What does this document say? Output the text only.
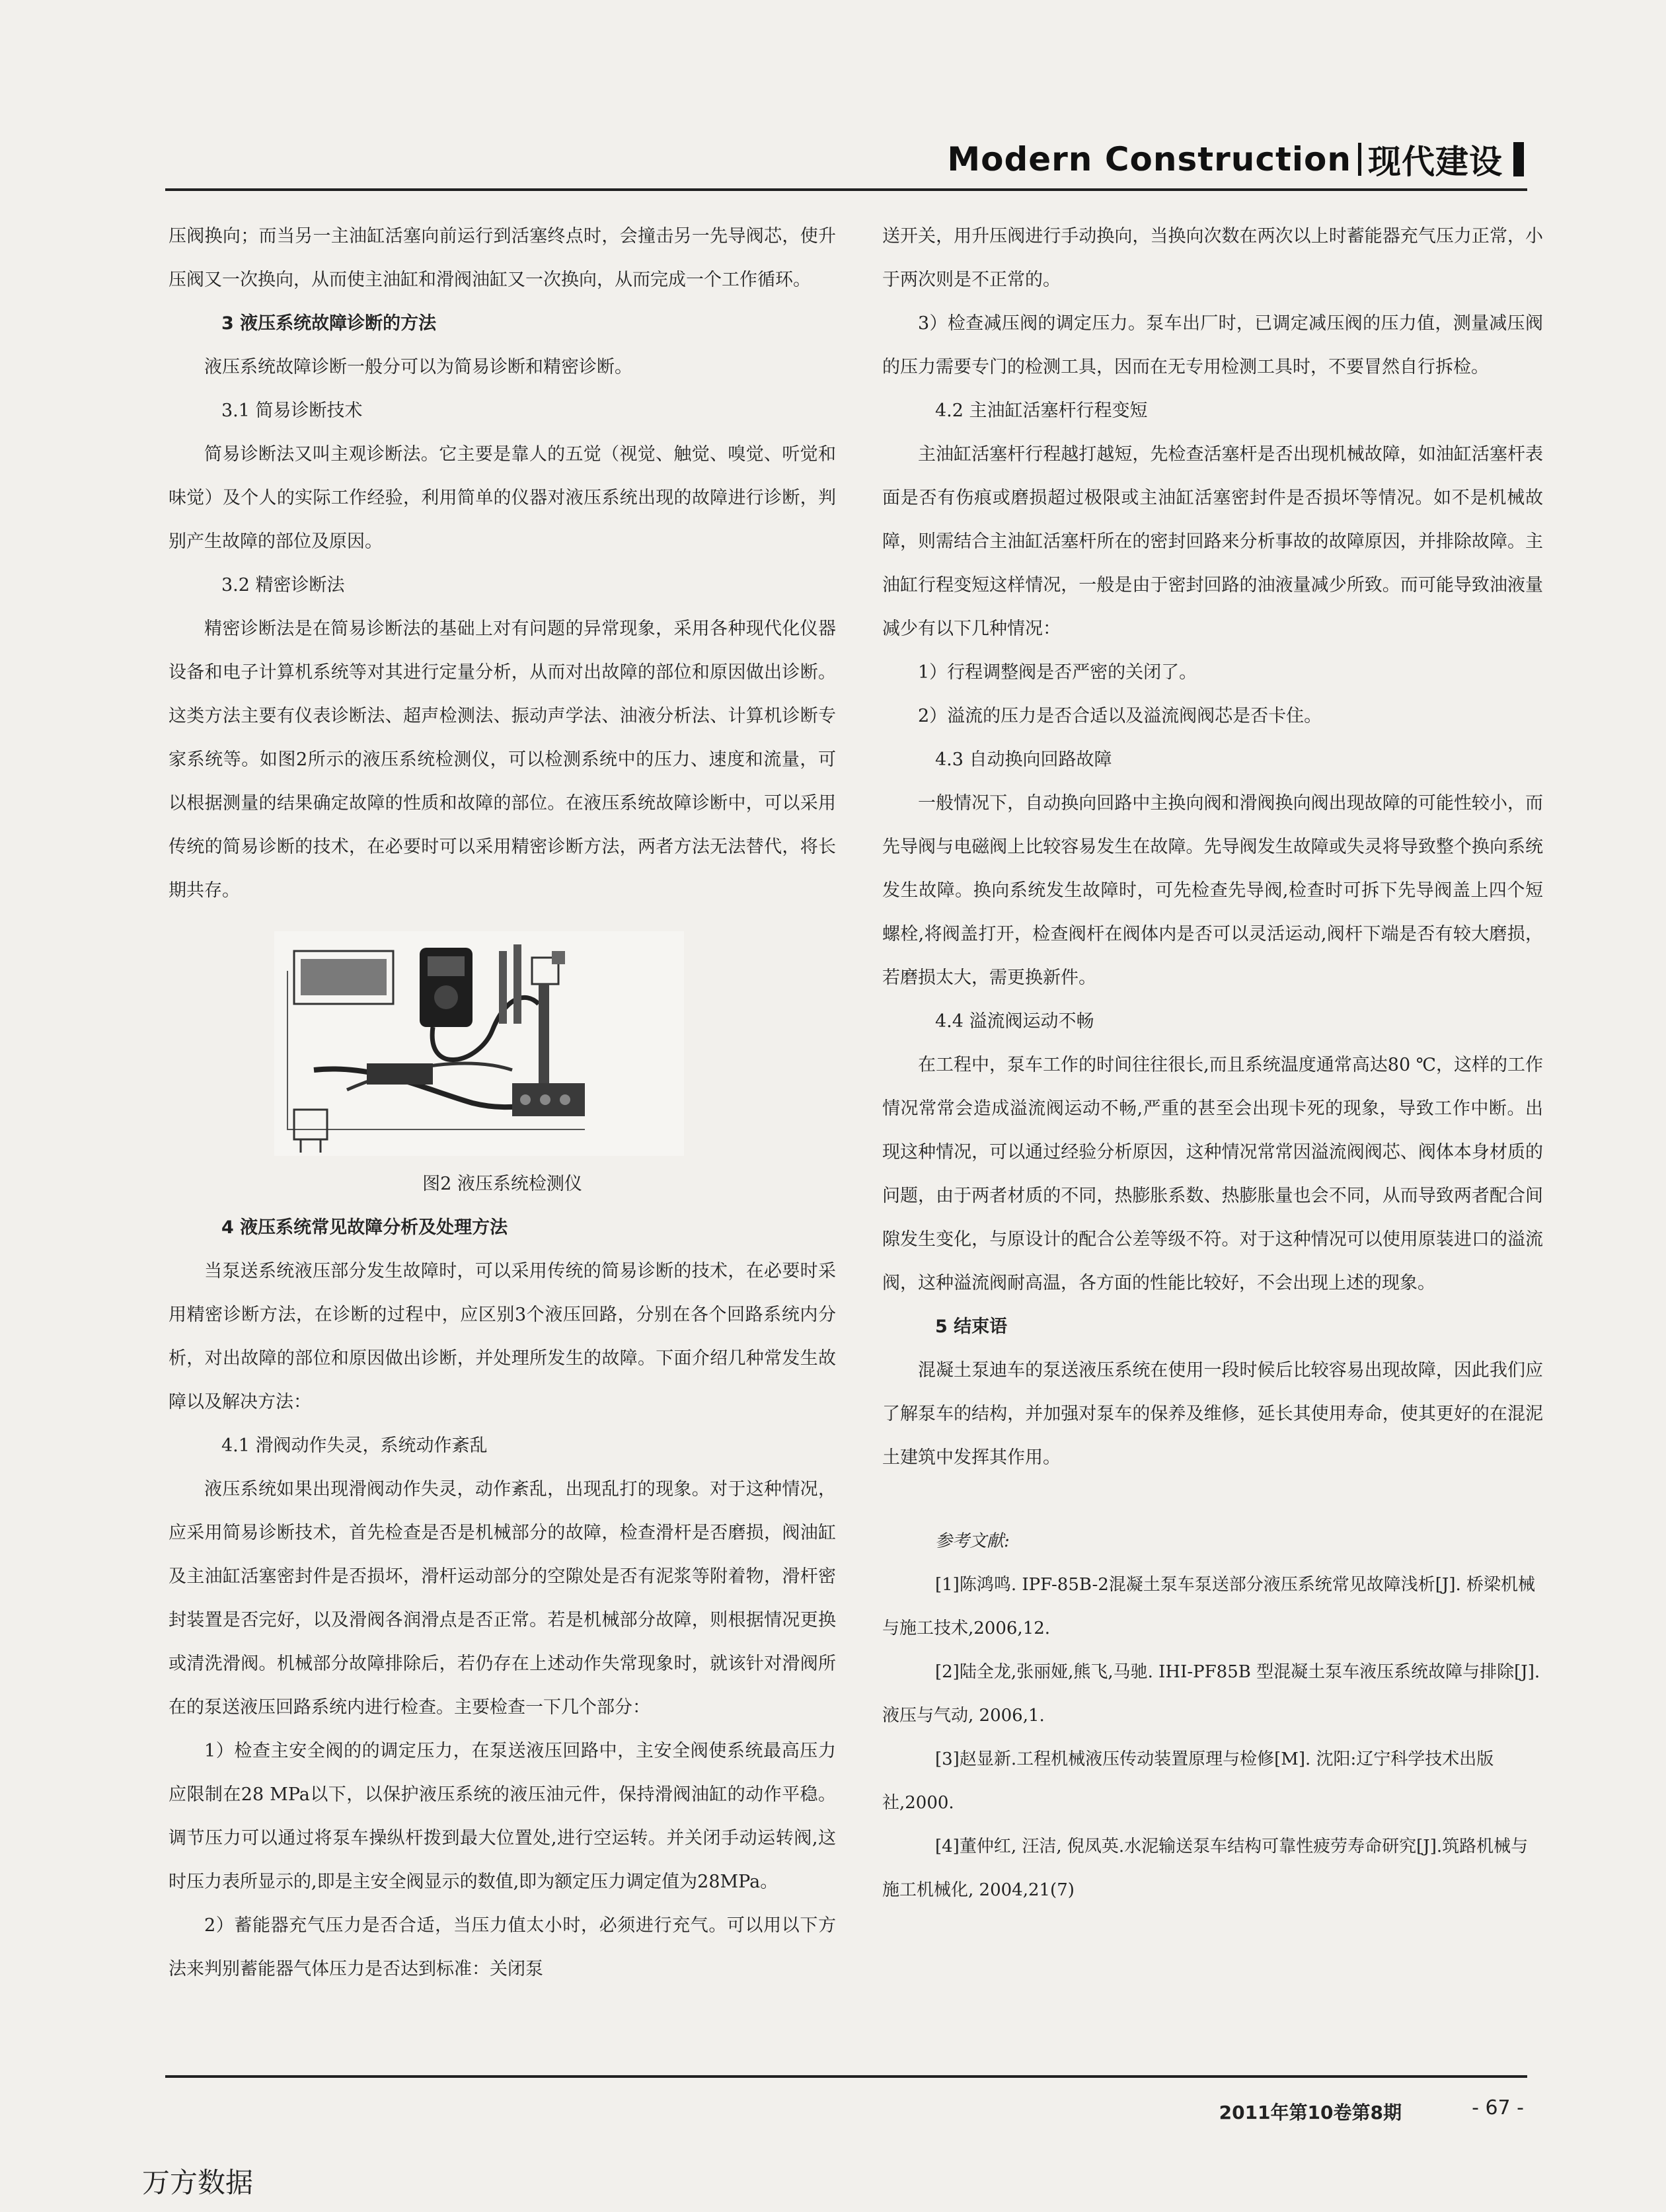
Modern Construction 现代建设

压阀换向；而当另一主油缸活塞向前运行到活塞终点时，会撞击另一先导阀芯，使升压阀又一次换向，从而使主油缸和滑阀油缸又一次换向，从而完成一个工作循环。

3 液压系统故障诊断的方法

液压系统故障诊断一般分可以为简易诊断和精密诊断。

3.1 简易诊断技术

简易诊断法又叫主观诊断法。它主要是靠人的五觉（视觉、触觉、嗅觉、听觉和味觉）及个人的实际工作经验，利用简单的仪器对液压系统出现的故障进行诊断，判别产生故障的部位及原因。

3.2 精密诊断法

精密诊断法是在简易诊断法的基础上对有问题的异常现象，采用各种现代化仪器设备和电子计算机系统等对其进行定量分析，从而对出故障的部位和原因做出诊断。这类方法主要有仪表诊断法、超声检测法、振动声学法、油液分析法、计算机诊断专家系统等。如图2所示的液压系统检测仪，可以检测系统中的压力、速度和流量，可以根据测量的结果确定故障的性质和故障的部位。在液压系统故障诊断中，可以采用传统的简易诊断的技术，在必要时可以采用精密诊断方法，两者方法无法替代，将长期共存。

图2 液压系统检测仪

4 液压系统常见故障分析及处理方法

当泵送系统液压部分发生故障时，可以采用传统的简易诊断的技术，在必要时采用精密诊断方法，在诊断的过程中，应区别3个液压回路，分别在各个回路系统内分析，对出故障的部位和原因做出诊断，并处理所发生的故障。下面介绍几种常发生故障以及解决方法：

4.1 滑阀动作失灵，系统动作紊乱

液压系统如果出现滑阀动作失灵，动作紊乱，出现乱打的现象。对于这种情况，应采用简易诊断技术，首先检查是否是机械部分的故障，检查滑杆是否磨损，阀油缸及主油缸活塞密封件是否损坏，滑杆运动部分的空隙处是否有泥浆等附着物，滑杆密封装置是否完好，以及滑阀各润滑点是否正常。若是机械部分故障，则根据情况更换或清洗滑阀。机械部分故障排除后，若仍存在上述动作失常现象时，就该针对滑阀所在的泵送液压回路系统内进行检查。主要检查一下几个部分：

1）检查主安全阀的的调定压力，在泵送液压回路中，主安全阀使系统最高压力应限制在28 MPa以下，以保护液压系统的液压油元件，保持滑阀油缸的动作平稳。调节压力可以通过将泵车操纵杆拨到最大位置处,进行空运转。并关闭手动运转阀,这时压力表所显示的,即是主安全阀显示的数值,即为额定压力调定值为28MPa。

2）蓄能器充气压力是否合适，当压力值太小时，必须进行充气。可以用以下方法来判别蓄能器气体压力是否达到标准：关闭泵

送开关，用升压阀进行手动换向，当换向次数在两次以上时蓄能器充气压力正常，小于两次则是不正常的。

3）检查减压阀的调定压力。泵车出厂时，已调定减压阀的压力值，测量减压阀的压力需要专门的检测工具，因而在无专用检测工具时，不要冒然自行拆检。

4.2 主油缸活塞杆行程变短

主油缸活塞杆行程越打越短，先检查活塞杆是否出现机械故障，如油缸活塞杆表面是否有伤痕或磨损超过极限或主油缸活塞密封件是否损坏等情况。如不是机械故障，则需结合主油缸活塞杆所在的密封回路来分析事故的故障原因，并排除故障。主油缸行程变短这样情况，一般是由于密封回路的油液量减少所致。而可能导致油液量减少有以下几种情况：

1）行程调整阀是否严密的关闭了。

2）溢流的压力是否合适以及溢流阀阀芯是否卡住。

4.3 自动换向回路故障

一般情况下，自动换向回路中主换向阀和滑阀换向阀出现故障的可能性较小，而先导阀与电磁阀上比较容易发生在故障。先导阀发生故障或失灵将导致整个换向系统发生故障。换向系统发生故障时，可先检查先导阀,检查时可拆下先导阀盖上四个短螺栓,将阀盖打开，检查阀杆在阀体内是否可以灵活运动,阀杆下端是否有较大磨损，若磨损太大，需更换新件。

4.4 溢流阀运动不畅

在工程中，泵车工作的时间往往很长,而且系统温度通常高达80 ℃，这样的工作情况常常会造成溢流阀运动不畅,严重的甚至会出现卡死的现象，导致工作中断。出现这种情况，可以通过经验分析原因，这种情况常常因溢流阀阀芯、阀体本身材质的问题，由于两者材质的不同，热膨胀系数、热膨胀量也会不同，从而导致两者配合间隙发生变化，与原设计的配合公差等级不符。对于这种情况可以使用原装进口的溢流阀，这种溢流阀耐高温，各方面的性能比较好，不会出现上述的现象。

5 结束语

混凝土泵迪车的泵送液压系统在使用一段时候后比较容易出现故障，因此我们应了解泵车的结构，并加强对泵车的保养及维修，延长其使用寿命，使其更好的在混泥土建筑中发挥其作用。

参考文献:

[1]陈鸿鸣. IPF-85B-2混凝土泵车泵送部分液压系统常见故障浅析[J]. 桥梁机械与施工技术,2006,12.

[2]陆全龙,张丽娅,熊飞,马驰. IHI-PF85B 型混凝土泵车液压系统故障与排除[J].液压与气动, 2006,1.

[3]赵显新.工程机械液压传动装置原理与检修[M]. 沈阳:辽宁科学技术出版社,2000.

[4]董仲红, 汪洁, 倪凤英.水泥输送泵车结构可靠性疲劳寿命研究[J].筑路机械与施工机械化, 2004,21(7)

2011年第10卷第8期	- 67 -
万方数据
